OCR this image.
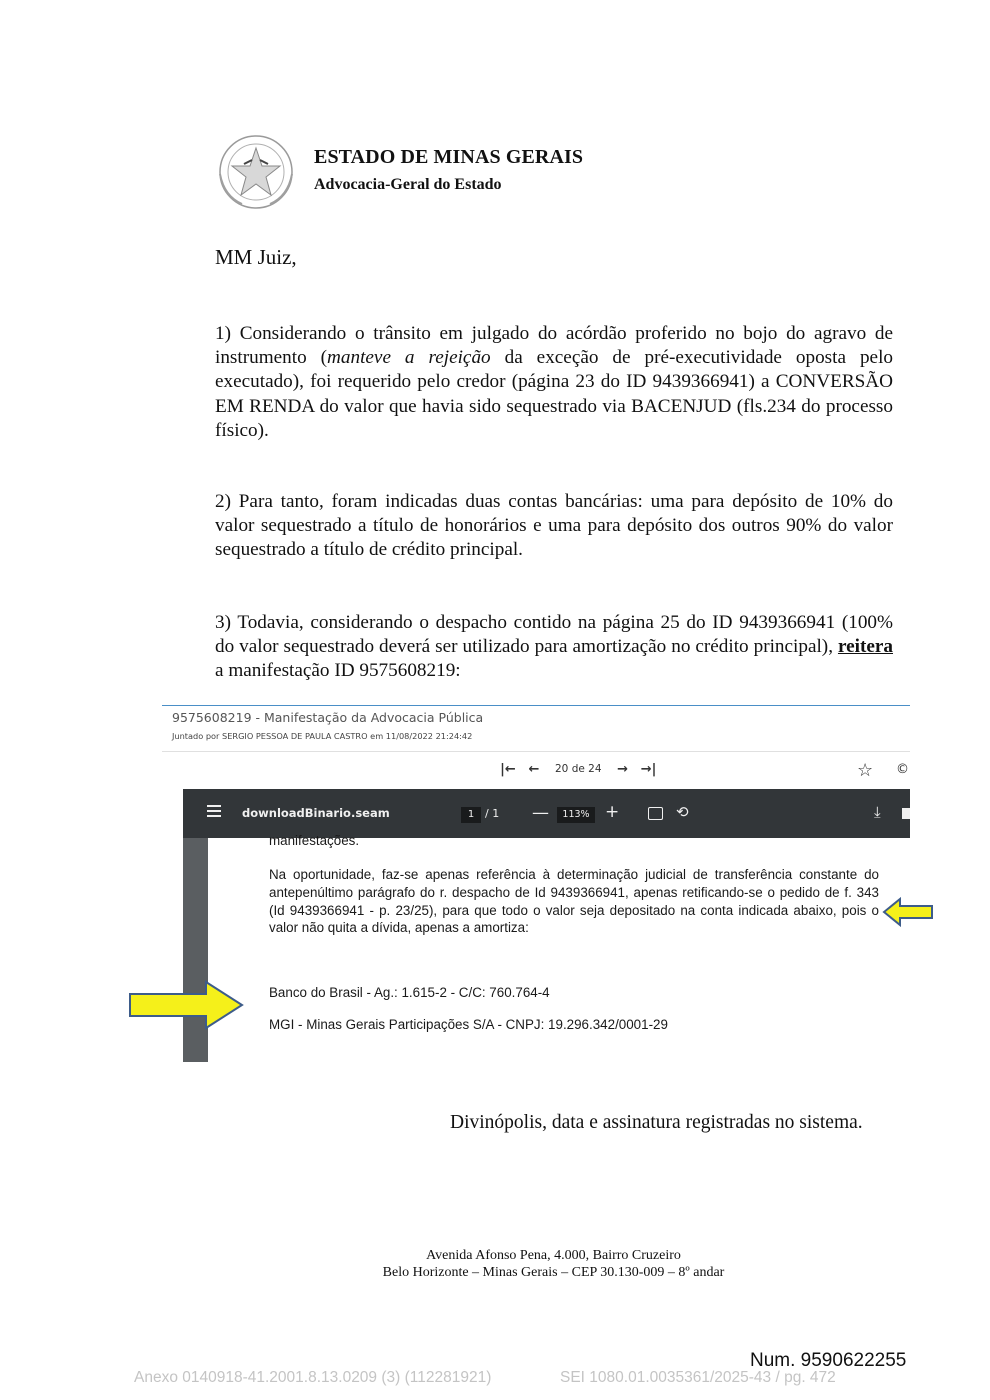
ESTADO DE MINAS GERAIS
Advocacia-Geral do Estado
MM Juiz,
1) Considerando o trânsito em julgado do acórdão proferido no bojo do agravo de instrumento (manteve a rejeição da exceção de pré-executividade oposta pelo executado), foi requerido pelo credor (página 23 do ID 9439366941) a CONVERSÃO EM RENDA do valor que havia sido sequestrado via BACENJUD (fls.234 do processo físico).
2) Para tanto, foram indicadas duas contas bancárias: uma para depósito de 10% do valor sequestrado a título de honorários e uma para depósito dos outros 90% do valor sequestrado a título de crédito principal.
3) Todavia, considerando o despacho contido na página 25 do ID 9439366941 (100% do valor sequestrado deverá ser utilizado para amortização no crédito principal), reitera a manifestação ID 9575608219:
9575608219 - Manifestação da Advocacia Pública
Juntado por SERGIO PESSOA DE PAULA CASTRO em 11/08/2022 21:24:42
|← ←	20 de 24	→ →|	☆ ©
downloadBinario.seam	1 / 1 —	113% +	⟲	⤓
manifestações.
Na oportunidade, faz-se apenas referência à determinação judicial de transferência constante do antepenúltimo parágrafo do r. despacho de Id 9439366941, apenas retificando-se o pedido de f. 343 (Id 9439366941 - p. 23/25), para que todo o valor seja depositado na conta indicada abaixo, pois o valor não quita a dívida, apenas a amortiza:
Banco do Brasil - Ag.: 1.615-2 - C/C: 760.764-4
MGI - Minas Gerais Participações S/A - CNPJ: 19.296.342/0001-29
Divinópolis, data e assinatura registradas no sistema.
Avenida Afonso Pena, 4.000, Bairro Cruzeiro
Belo Horizonte – Minas Gerais – CEP 30.130-009 – 8º andar
Num. 9590622255
Anexo 0140918-41.2001.8.13.0209 (3) (112281921)	SEI 1080.01.0035361/2025-43 / pg. 472
